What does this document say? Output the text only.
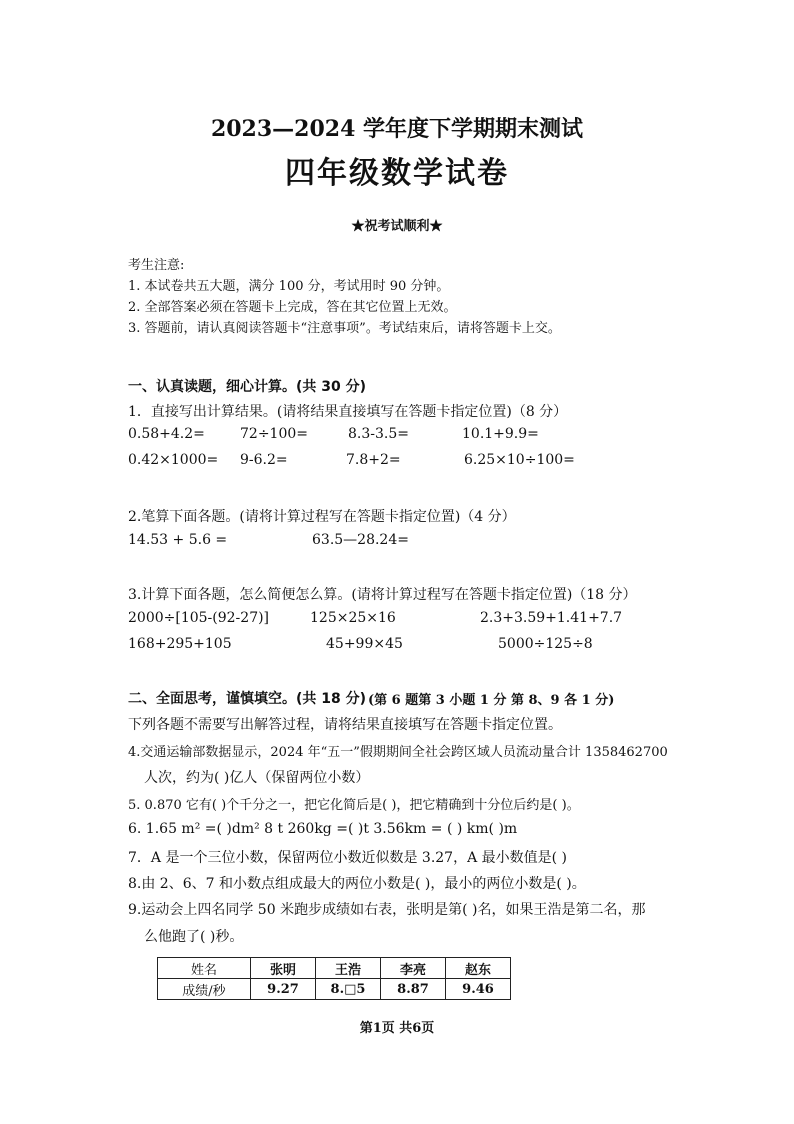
2023—2024 学年度下学期期末测试
四年级数学试卷
★祝考试顺利★
考生注意:
1. 本试卷共五大题，满分 100 分，考试用时 90 分钟。
2. 全部答案必须在答题卡上完成，答在其它位置上无效。
3. 答题前，请认真阅读答题卡“注意事项”。考试结束后，请将答题卡上交。
一、认真读题，细心计算。(共 30 分)
1．直接写出计算结果。(请将结果直接填写在答题卡指定位置)（8 分）
0.58+4.2=	72÷100=	8.3-3.5=	10.1+9.9=
0.42×1000= 9-6.2=	7.8+2=	6.25×10÷100=
2.笔算下面各题。(请将计算过程写在答题卡指定位置)（4 分）
14.53 + 5.6 =	63.5—28.24=
3.计算下面各题，怎么简便怎么算。(请将计算过程写在答题卡指定位置)（18 分）
2000÷[105-(92-27)]	125×25×16	2.3+3.59+1.41+7.7
168+295+105	45+99×45	5000÷125÷8
二、全面思考，谨慎填空。(共 18 分) (第 6 题第 3 小题 1 分 第 8、9 各 1 分)
下列各题不需要写出解答过程，请将结果直接填写在答题卡指定位置。
4.交通运输部数据显示，2024 年“五一”假期期间全社会跨区域人员流动量合计 1358462700
人次，约为( )亿人（保留两位小数）
5. 0.870 它有( )个千分之一，把它化简后是( )，把它精确到十分位后约是( )。
6. 1.65 m² =( )dm² 8 t 260kg =( )t 3.56km = ( ) km( )m
7．A 是一个三位小数，保留两位小数近似数是 3.27，A 最小数值是( )
8.由 2、6、7 和小数点组成最大的两位小数是( )，最小的两位小数是( )。
9.运动会上四名同学 50 米跑步成绩如右表，张明是第( )名，如果王浩是第二名，那
么他跑了( )秒。
姓名	张明	王浩	李亮	赵东
成绩/秒	9.27	8.□5	8.87	9.46
第1页 共6页
